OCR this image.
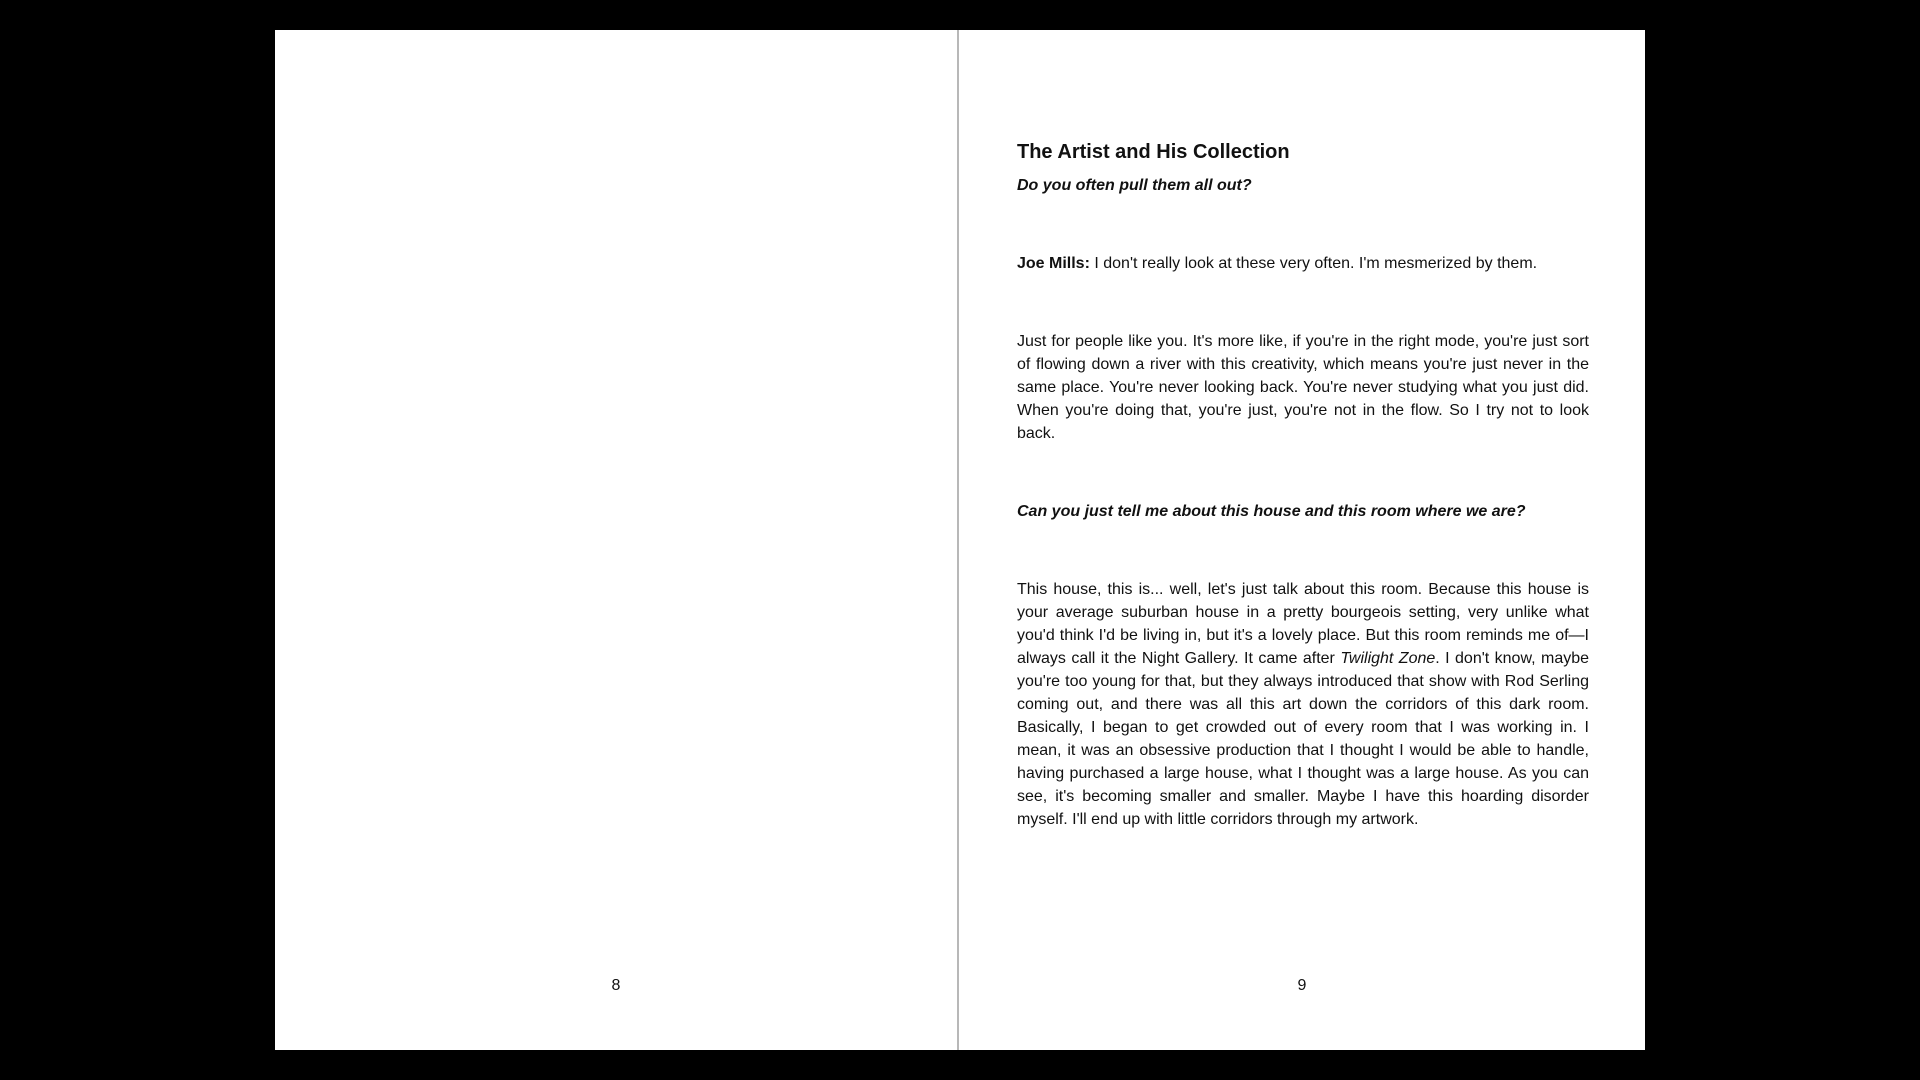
8

The Artist and His Collection

Do you often pull them all out?

Joe Mills: I don't really look at these very often. I'm mesmerized by them.

Just for people like you. It's more like, if you're in the right mode, you're just sort of flowing down a river with this creativity, which means you're just never in the same place. You're never looking back. You're never studying what you just did. When you're doing that, you're just, you're not in the flow. So I try not to look back.

Can you just tell me about this house and this room where we are?

This house, this is... well, let's just talk about this room. Because this house is your average suburban house in a pretty bourgeois setting, very unlike what you'd think I'd be living in, but it's a lovely place. But this room reminds me of—I always call it the Night Gallery. It came after Twilight Zone. I don't know, maybe you're too young for that, but they always introduced that show with Rod Serling coming out, and there was all this art down the corridors of this dark room. Basically, I began to get crowded out of every room that I was working in. I mean, it was an obsessive production that I thought I would be able to handle, having purchased a large house, what I thought was a large house. As you can see, it's becoming smaller and smaller. Maybe I have this hoarding disorder myself. I'll end up with little corridors through my artwork.

9
